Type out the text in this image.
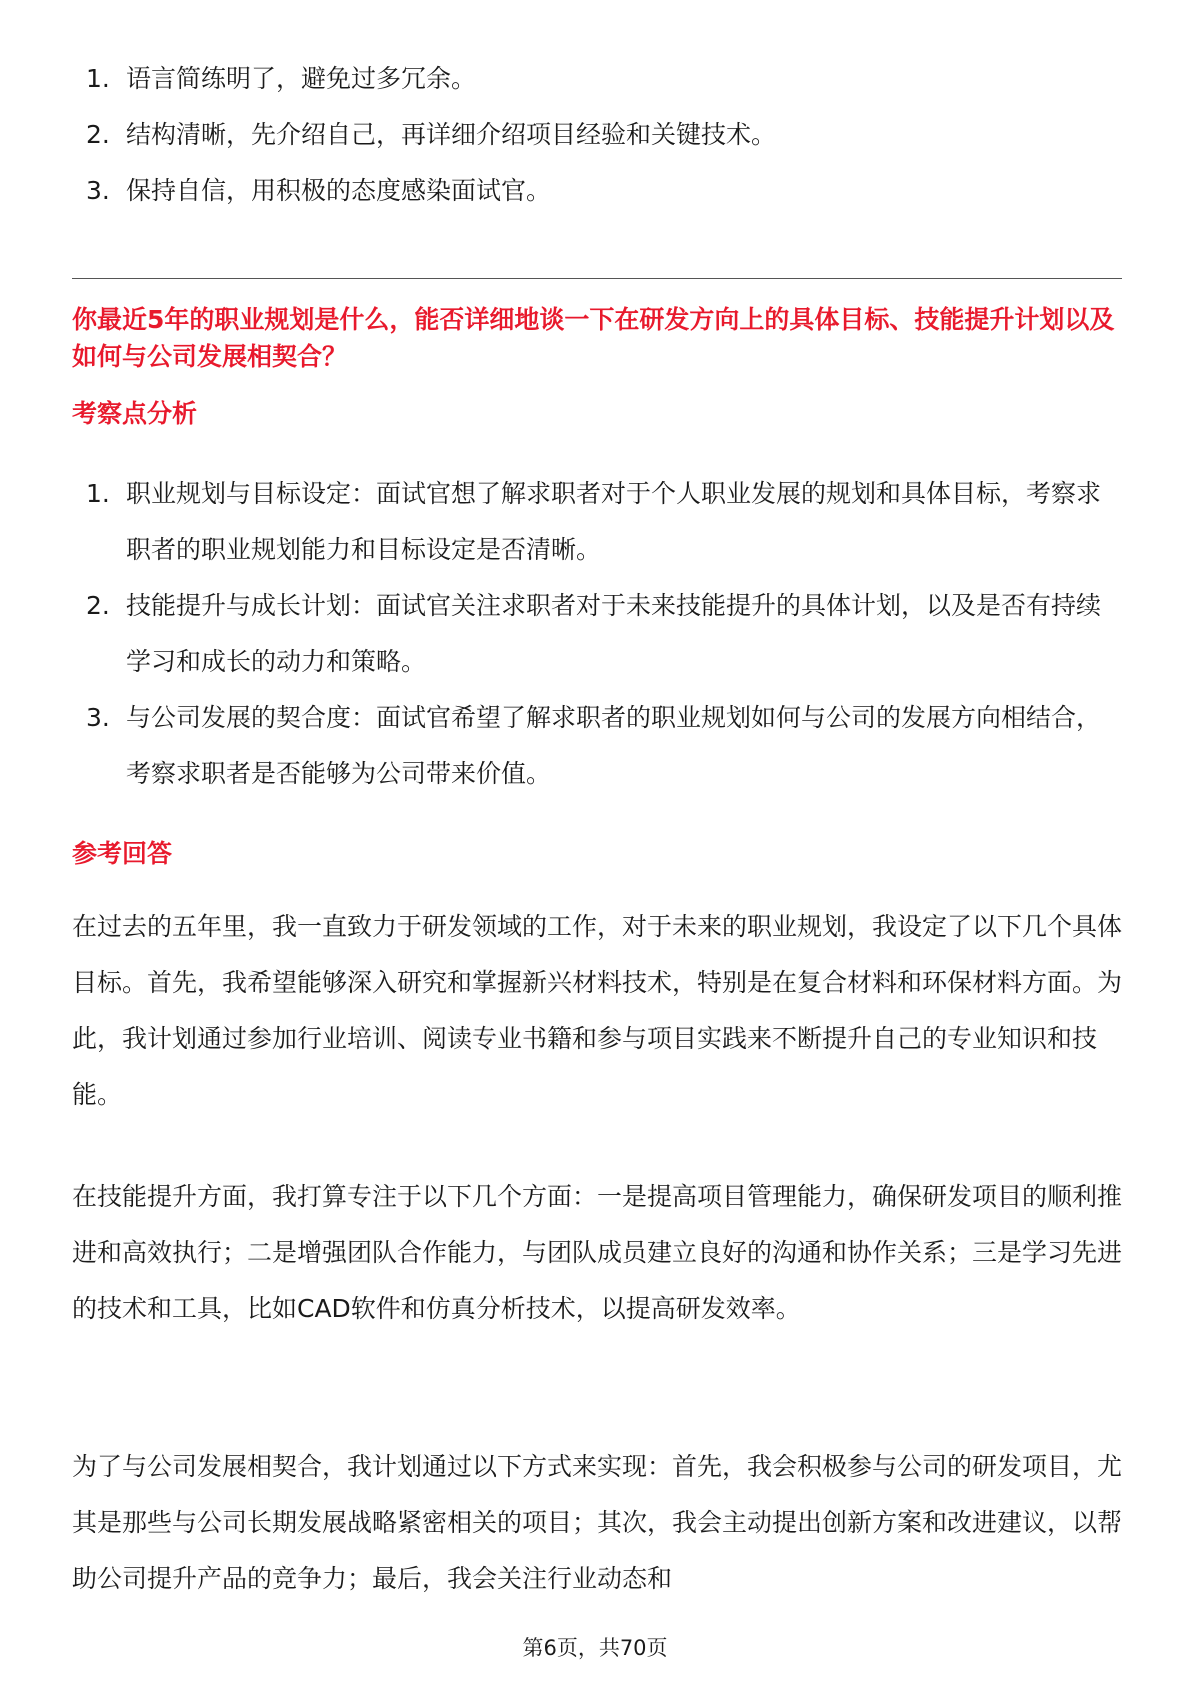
1. 语言简练明了，避免过多冗余。
2. 结构清晰，先介绍自己，再详细介绍项目经验和关键技术。
3. 保持自信，用积极的态度感染面试官。

你最近5年的职业规划是什么，能否详细地谈一下在研发方向上的具体目标、技能提升计划以及如何与公司发展相契合？

考察点分析

1. 职业规划与目标设定：面试官想了解求职者对于个人职业发展的规划和具体目标，考察求职者的职业规划能力和目标设定是否清晰。
2. 技能提升与成长计划：面试官关注求职者对于未来技能提升的具体计划，以及是否有持续学习和成长的动力和策略。
3. 与公司发展的契合度：面试官希望了解求职者的职业规划如何与公司的发展方向相结合，考察求职者是否能够为公司带来价值。

参考回答

在过去的五年里，我一直致力于研发领域的工作，对于未来的职业规划，我设定了以下几个具体目标。首先，我希望能够深入研究和掌握新兴材料技术，特别是在复合材料和环保材料方面。为此，我计划通过参加行业培训、阅读专业书籍和参与项目实践来不断提升自己的专业知识和技能。

在技能提升方面，我打算专注于以下几个方面：一是提高项目管理能力，确保研发项目的顺利推进和高效执行；二是增强团队合作能力，与团队成员建立良好的沟通和协作关系；三是学习先进的技术和工具，比如CAD软件和仿真分析技术，以提高研发效率。

为了与公司发展相契合，我计划通过以下方式来实现：首先，我会积极参与公司的研发项目，尤其是那些与公司长期发展战略紧密相关的项目；其次，我会主动提出创新方案和改进建议，以帮助公司提升产品的竞争力；最后，我会关注行业动态和

第6页，共70页
